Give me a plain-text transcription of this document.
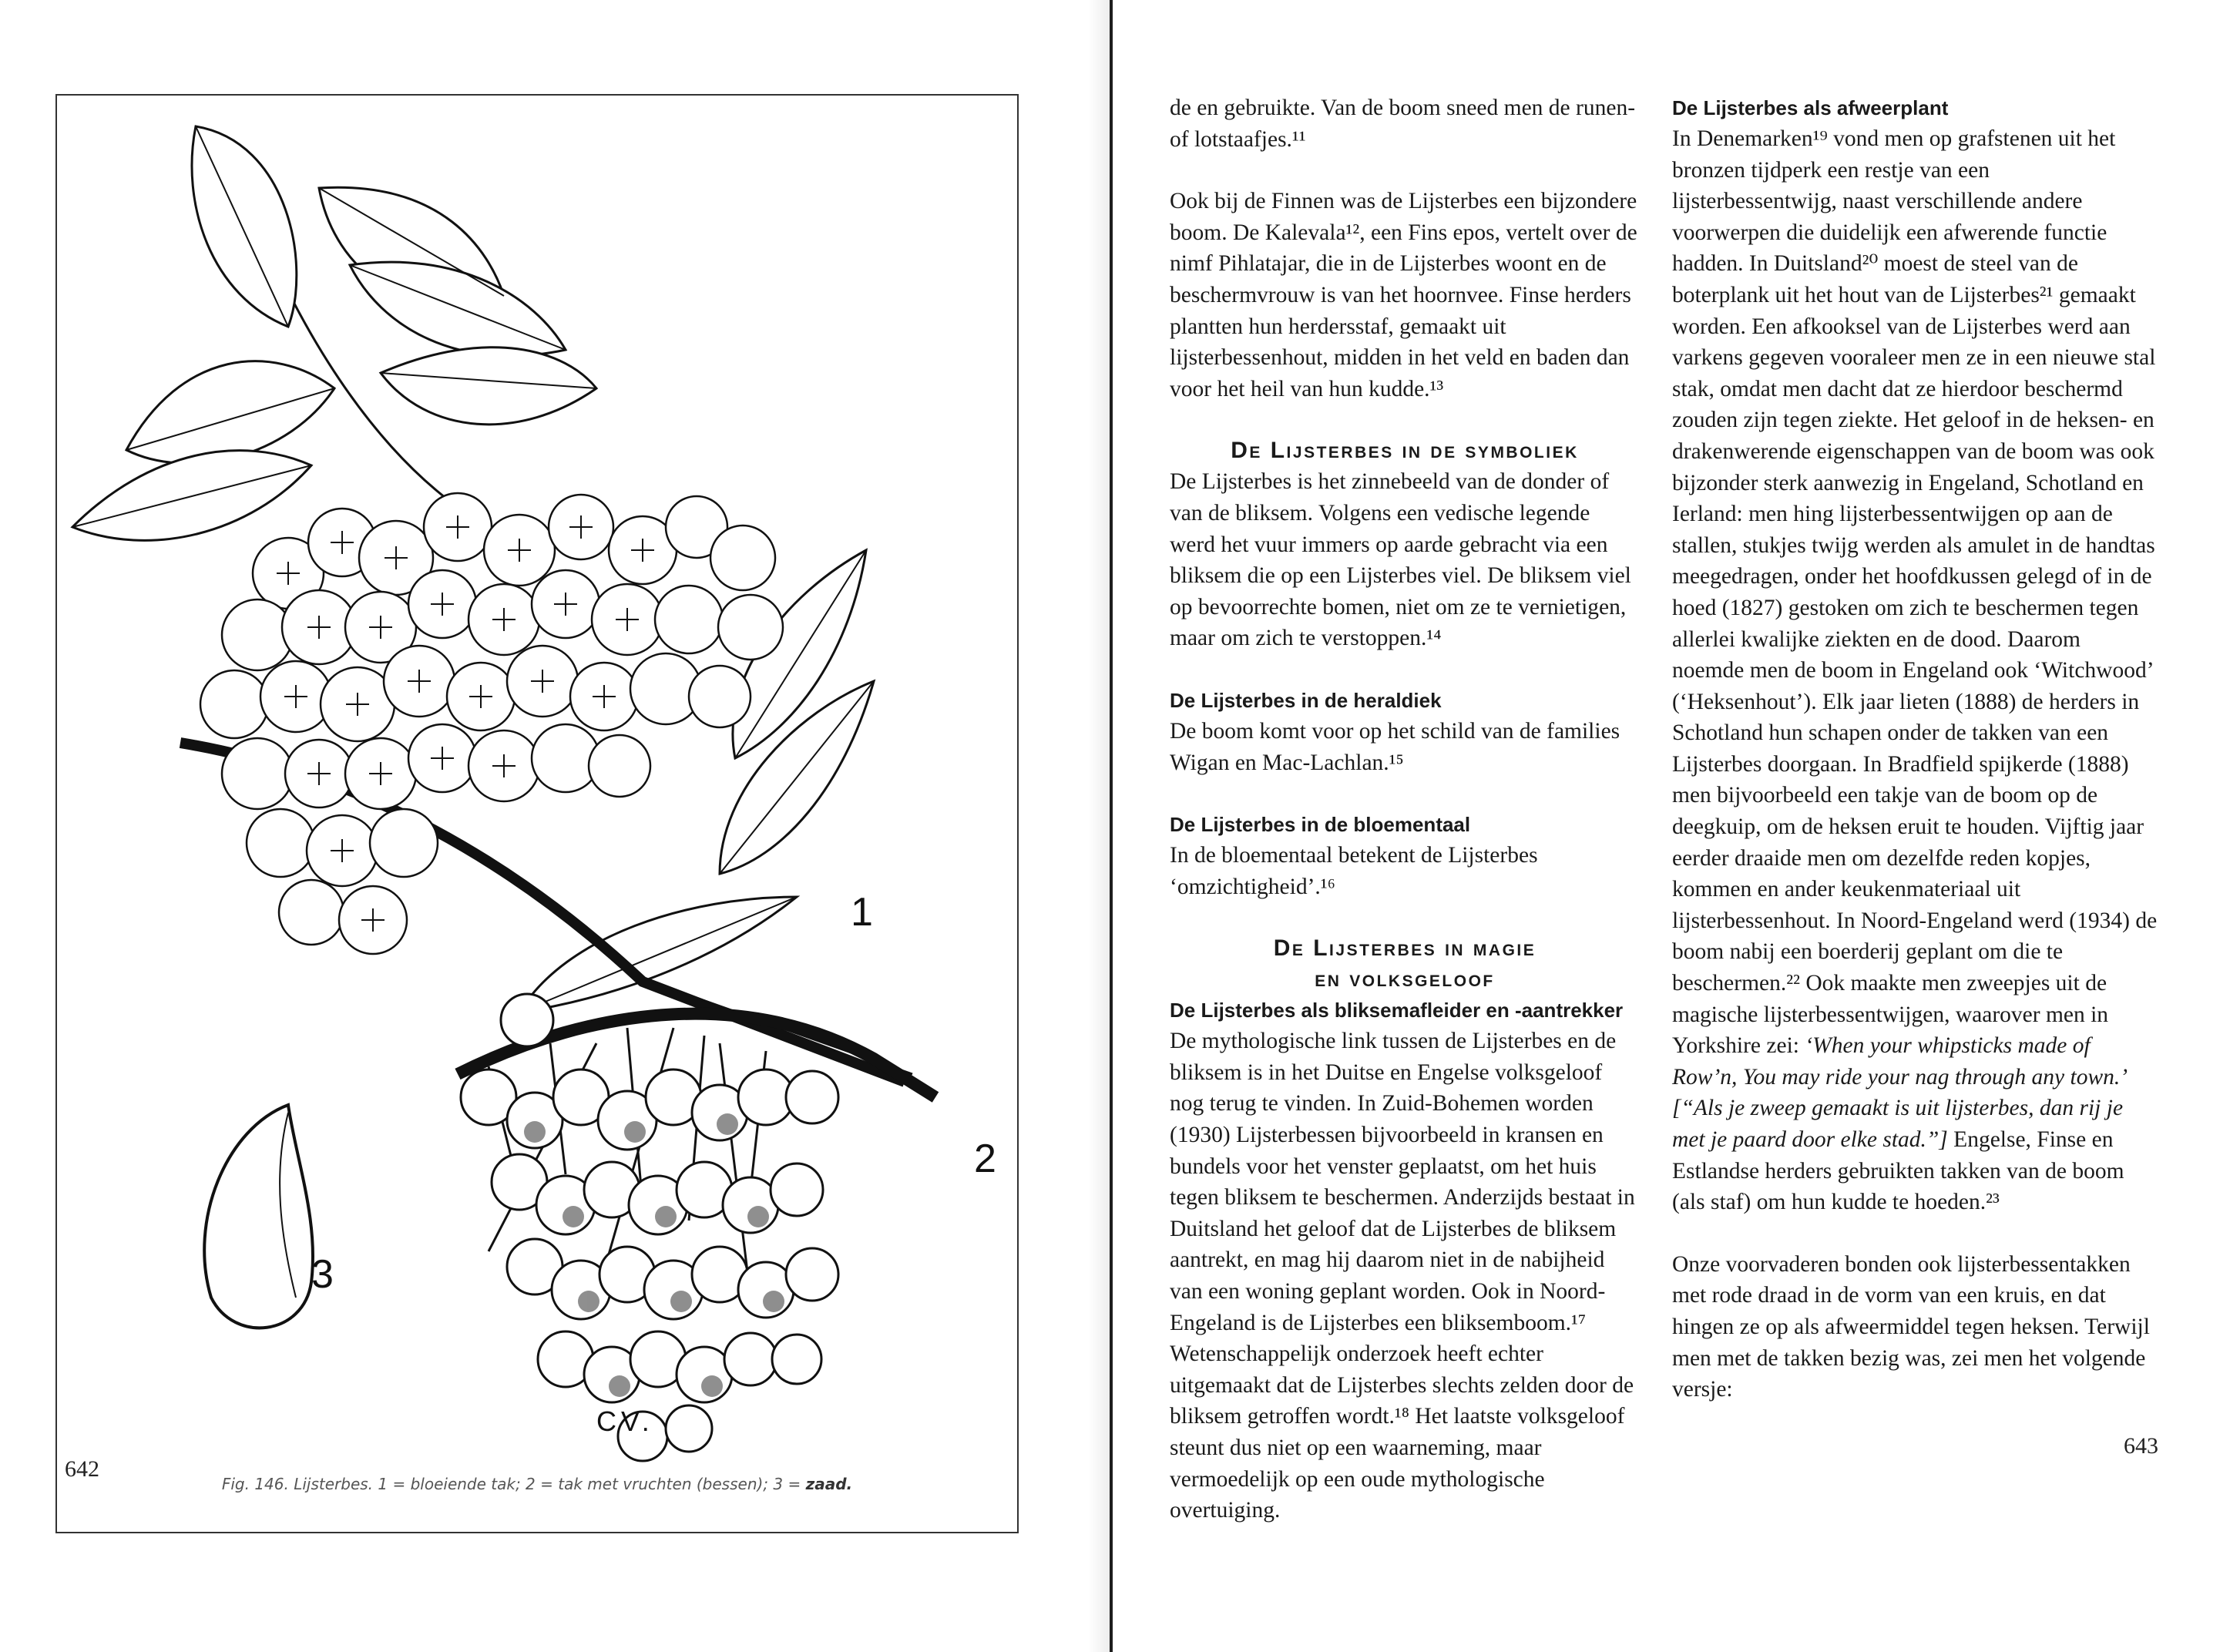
1
2
3
CV.
Fig. 146. Lijsterbes. 1 = bloeiende tak; 2 = tak met vruchten (bessen); 3 = zaad.
642

de en gebruikte. Van de boom sneed men de runen- of lotstaafjes.¹¹

Ook bij de Finnen was de Lijsterbes een bijzondere boom. De Kalevala¹², een Fins epos, vertelt over de nimf Pihlatajar, die in de Lijsterbes woont en de beschermvrouw is van het hoornvee. Finse herders plantten hun herdersstaf, gemaakt uit lijsterbessenhout, midden in het veld en baden dan voor het heil van hun kudde.¹³

De Lijsterbes in de symboliek

De Lijsterbes is het zinnebeeld van de donder of van de bliksem. Volgens een vedische legende werd het vuur immers op aarde gebracht via een bliksem die op een Lijsterbes viel. De bliksem viel op bevoorrechte bomen, niet om ze te vernietigen, maar om zich te verstoppen.¹⁴

De Lijsterbes in de heraldiek

De boom komt voor op het schild van de families Wigan en Mac-Lachlan.¹⁵

De Lijsterbes in de bloementaal

In de bloementaal betekent de Lijsterbes ‘omzichtigheid’.¹⁶

De Lijsterbes in magie
en volksgeloof
De Lijsterbes als bliksemafleider en -aantrekker

De mythologische link tussen de Lijsterbes en de bliksem is in het Duitse en Engelse volksgeloof nog terug te vinden. In Zuid-Bohemen worden (1930) Lijsterbessen bijvoorbeeld in kransen en bundels voor het venster geplaatst, om het huis tegen bliksem te beschermen. Anderzijds bestaat in Duitsland het geloof dat de Lijsterbes de bliksem aantrekt, en mag hij daarom niet in de nabijheid van een woning geplant worden. Ook in Noord-Engeland is de Lijsterbes een bliksemboom.¹⁷ Wetenschappelijk onderzoek heeft echter uitgemaakt dat de Lijsterbes slechts zelden door de bliksem getroffen wordt.¹⁸ Het laatste volksgeloof steunt dus niet op een waarneming, maar vermoedelijk op een oude mythologische overtuiging.

De Lijsterbes als afweerplant

In Denemarken¹⁹ vond men op grafstenen uit het bronzen tijdperk een restje van een lijsterbessentwijg, naast verschillende andere voorwerpen die duidelijk een afwerende functie hadden. In Duitsland²⁰ moest de steel van de boterplank uit het hout van de Lijsterbes²¹ gemaakt worden. Een afkooksel van de Lijsterbes werd aan varkens gegeven vooraleer men ze in een nieuwe stal stak, omdat men dacht dat ze hierdoor beschermd zouden zijn tegen ziekte. Het geloof in de heksen- en drakenwerende eigenschappen van de boom was ook bijzonder sterk aanwezig in Engeland, Schotland en Ierland: men hing lijsterbessentwijgen op aan de stallen, stukjes twijg werden als amulet in de handtas meegedragen, onder het hoofdkussen gelegd of in de hoed (1827) gestoken om zich te beschermen tegen allerlei kwalijke ziekten en de dood. Daarom noemde men de boom in Engeland ook ‘Witchwood’ (‘Heksenhout’). Elk jaar lieten (1888) de herders in Schotland hun schapen onder de takken van een Lijsterbes doorgaan. In Bradfield spijkerde (1888) men bijvoorbeeld een takje van de boom op de deegkuip, om de heksen eruit te houden. Vijftig jaar eerder draaide men om dezelfde reden kopjes, kommen en ander keukenmateriaal uit lijsterbessenhout. In Noord-Engeland werd (1934) de boom nabij een boerderij geplant om die te beschermen.²² Ook maakte men zweepjes uit de magische lijsterbessentwijgen, waarover men in Yorkshire zei: ‘When your whipsticks made of Row’n, You may ride your nag through any town.’ [“Als je zweep gemaakt is uit lijsterbes, dan rij je met je paard door elke stad.”] Engelse, Finse en Estlandse herders gebruikten takken van de boom (als staf) om hun kudde te hoeden.²³

Onze voorvaderen bonden ook lijsterbessentakken met rode draad in de vorm van een kruis, en dat hingen ze op als afweermiddel tegen heksen. Terwijl men met de takken bezig was, zei men het volgende versje:

643
